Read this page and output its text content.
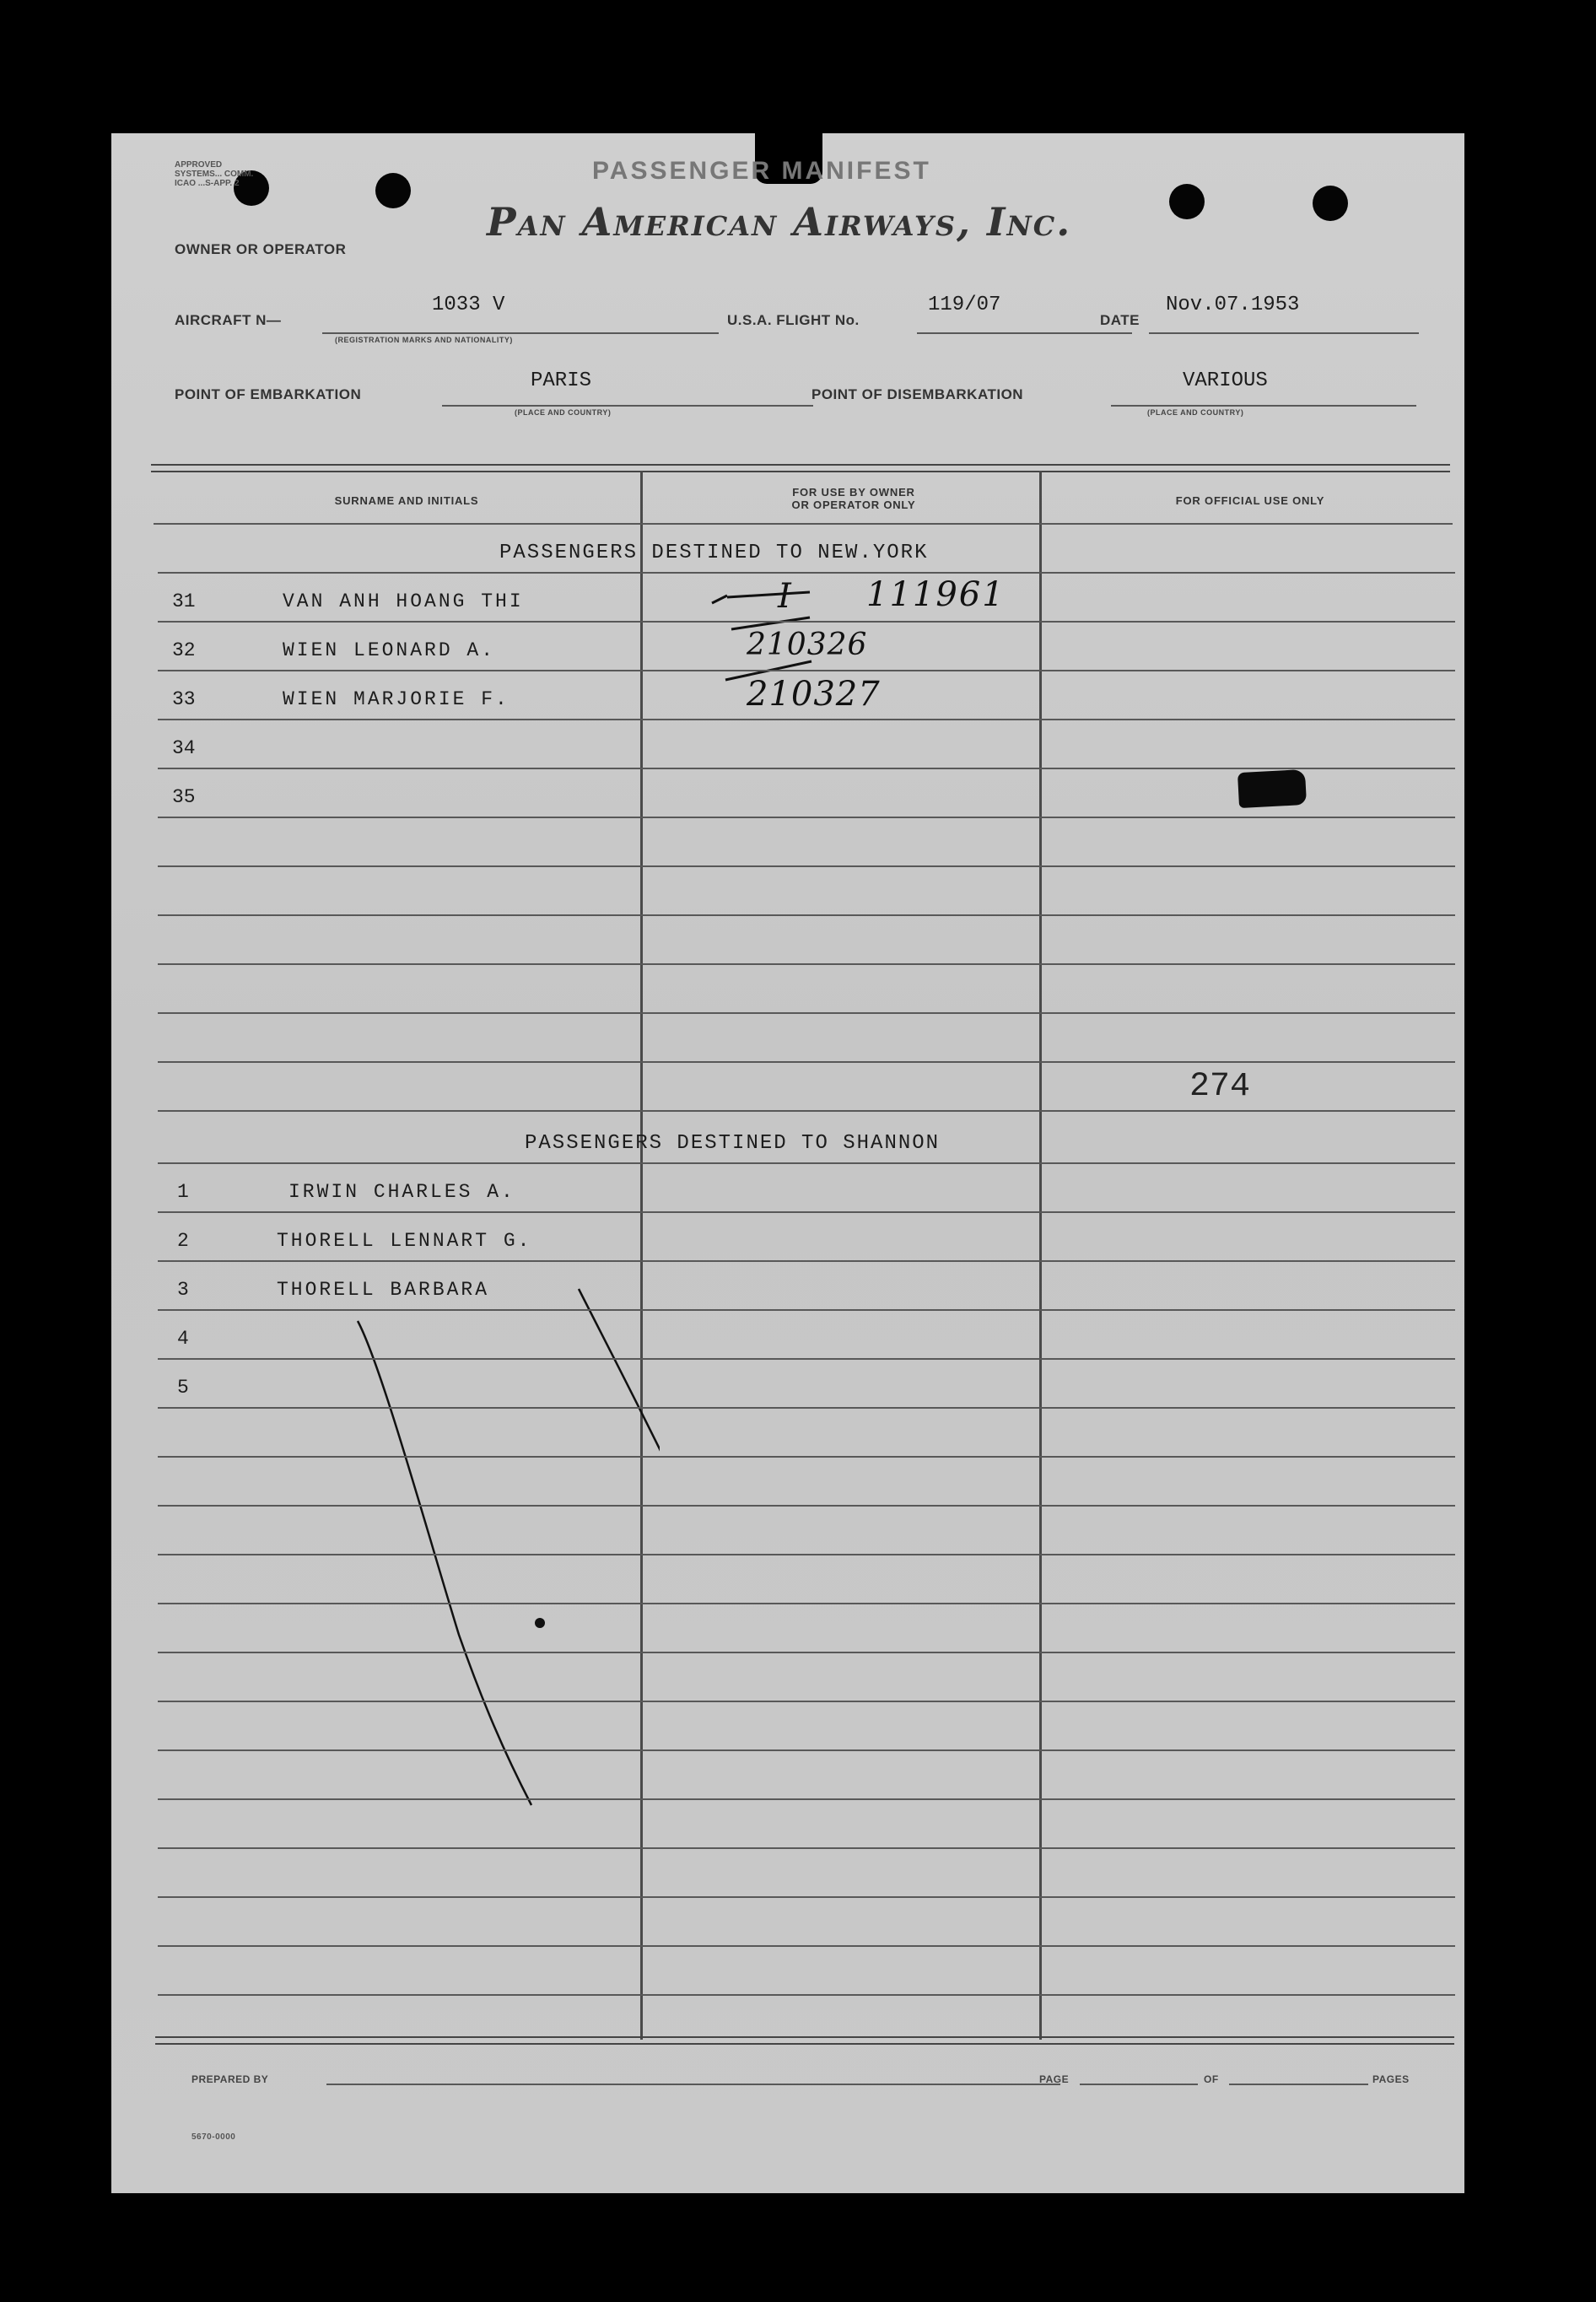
APPROVED
SYSTEMS... COMM.
ICAO ...S-APP. 2	PASSENGER MANIFEST
Pan American Airways, Inc.
OWNER OR OPERATOR
AIRCRAFT N—
1033 V
(REGISTRATION MARKS AND NATIONALITY)
U.S.A. FLIGHT No.
119/07
DATE
Nov.07.1953
POINT OF EMBARKATION
PARIS
(PLACE AND COUNTRY)
POINT OF DISEMBARKATION
VARIOUS
(PLACE AND COUNTRY)
SURNAME AND INITIALS
FOR USE BY OWNER
OR OPERATOR ONLY	FOR OFFICIAL USE ONLY
PASSENGERS DESTINED TO NEW.YORK
31	VAN ANH HOANG THI	I 111961
32	WIEN LEONARD A.	210326
33	WIEN MARJORIE F.	210327
34
35
274
PASSENGERS DESTINED TO SHANNON
1	IRWIN CHARLES A.
2	THORELL LENNART G.
3	THORELL BARBARA
4
5
PREPARED BY	PAGE	OF	PAGES
5670-0000
